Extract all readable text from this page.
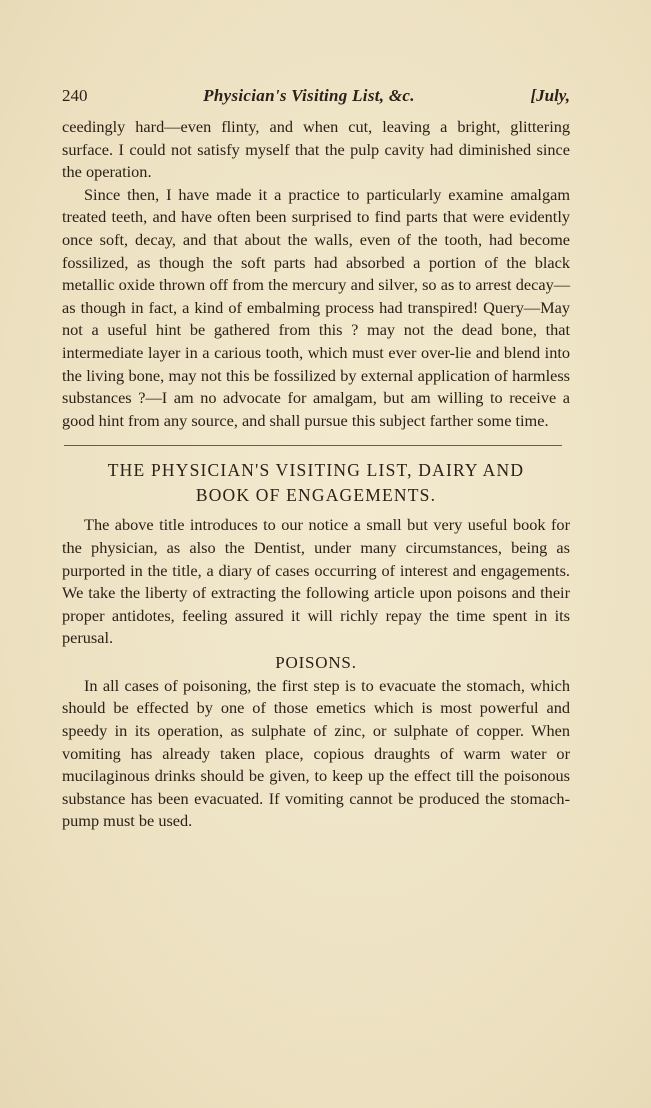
240	Physician's Visiting List, &c.	[July,

ceedingly hard—even flinty, and when cut, leaving a bright, glittering surface. I could not satisfy myself that the pulp cavity had diminished since the operation.

Since then, I have made it a practice to particularly examine amalgam treated teeth, and have often been surprised to find parts that were evidently once soft, decay, and that about the walls, even of the tooth, had become fossilized, as though the soft parts had absorbed a portion of the black metallic oxide thrown off from the mercury and silver, so as to arrest decay—as though in fact, a kind of embalming process had transpired! Query—May not a useful hint be gathered from this ? may not the dead bone, that intermediate layer in a carious tooth, which must ever over-lie and blend into the living bone, may not this be fossilized by external application of harmless substances ?—I am no advocate for amalgam, but am willing to receive a good hint from any source, and shall pursue this subject farther some time.

THE PHYSICIAN'S VISITING LIST, DAIRY AND
BOOK OF ENGAGEMENTS.

The above title introduces to our notice a small but very useful book for the physician, as also the Dentist, under many circumstances, being as purported in the title, a diary of cases occurring of interest and engagements. We take the liberty of extracting the following article upon poisons and their proper antidotes, feeling assured it will richly repay the time spent in its perusal.

POISONS.

In all cases of poisoning, the first step is to evacuate the stomach, which should be effected by one of those emetics which is most powerful and speedy in its operation, as sulphate of zinc, or sulphate of copper. When vomiting has already taken place, copious draughts of warm water or mucilaginous drinks should be given, to keep up the effect till the poisonous substance has been evacuated. If vomiting cannot be produced the stomach-pump must be used.
